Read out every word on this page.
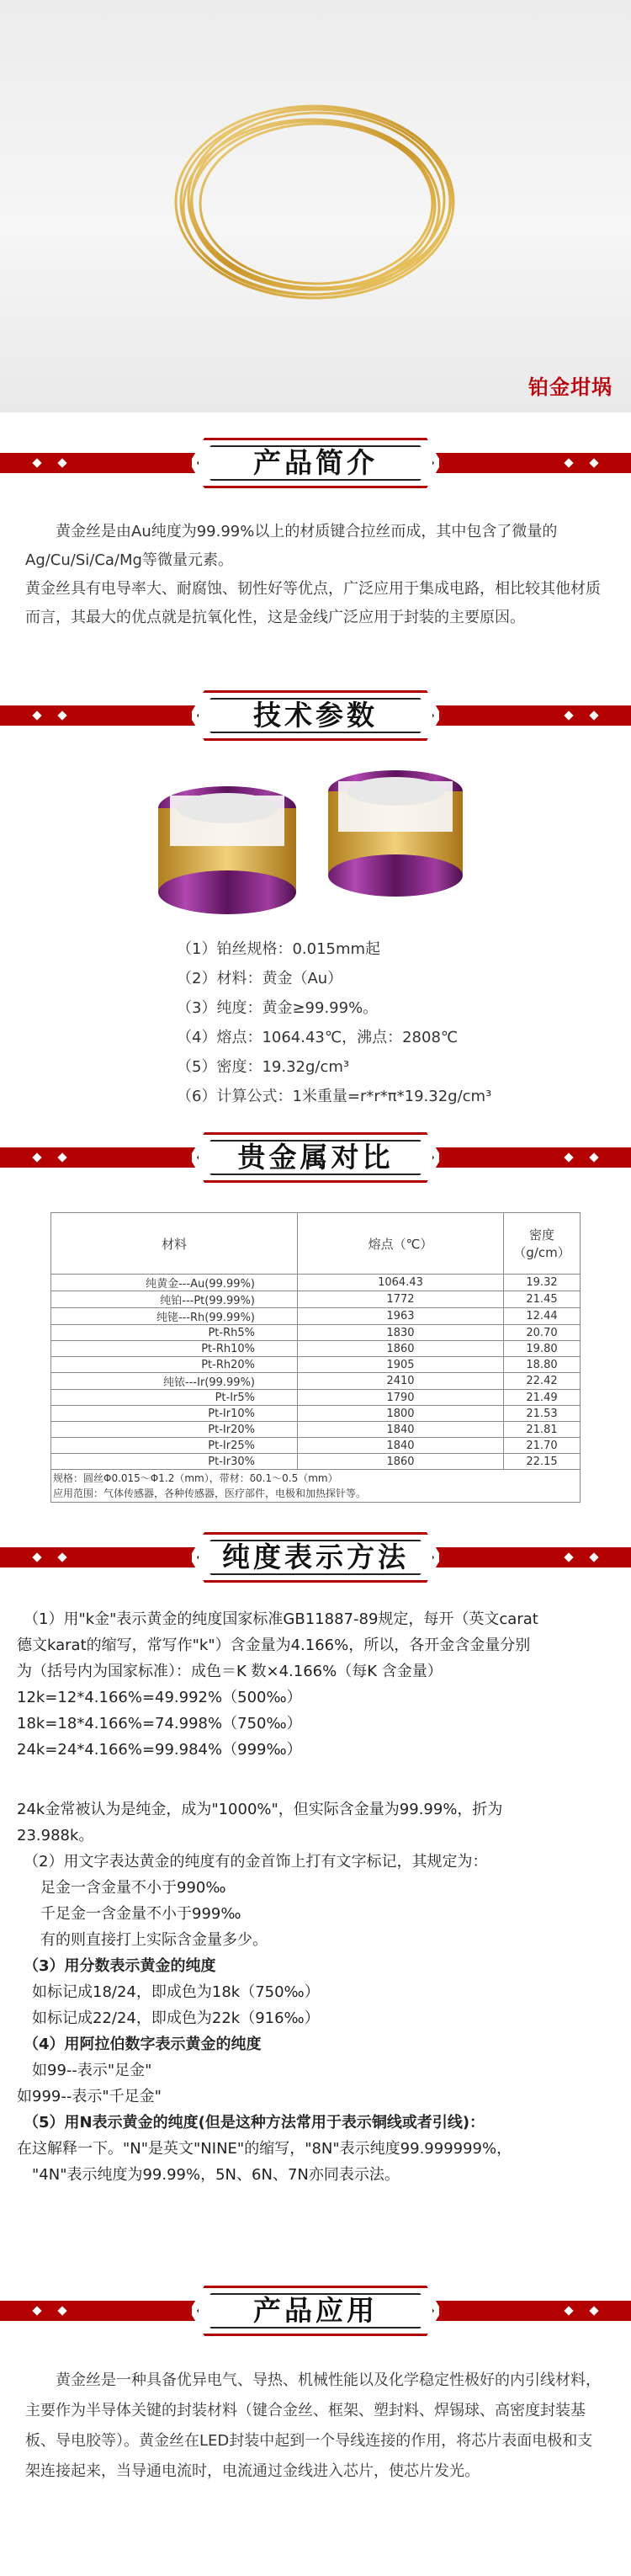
铂金坩埚
产品简介

黄金丝是由Au纯度为99.99%以上的材质键合拉丝而成，其中包含了微量的Ag/Cu/Si/Ca/Mg等微量元素。

黄金丝具有电导率大、耐腐蚀、韧性好等优点，广泛应用于集成电路，相比较其他材质而言，其最大的优点就是抗氧化性，这是金线广泛应用于封装的主要原因。

技术参数
（1）铂丝规格：0.015mm起
（2）材料：黄金（Au）
（3）纯度：黄金≥99.99%。
（4）熔点：1064.43℃，沸点：2808℃
（5）密度：19.32g/cm³
（6）计算公式：1米重量=r*r*π*19.32g/cm³
贵金属对比
材料	熔点（℃）	密度（g/cm）
纯黄金---Au(99.99%)	1064.43	19.32
纯铂---Pt(99.99%)	1772	21.45
纯铑---Rh(99.99%)	1963	12.44
Pt-Rh5%	1830	20.70
Pt-Rh10%	1860	19.80
Pt-Rh20%	1905	18.80
纯铱---Ir(99.99%)	2410	22.42
Pt-Ir5%	1790	21.49
Pt-Ir10%	1800	21.53
Pt-Ir20%	1840	21.81
Pt-Ir25%	1840	21.70
Pt-Ir30%	1860	22.15

规格：圆丝Φ0.015～Φ1.2（mm），带材：δ0.1～0.5（mm）
应用范围：气体传感器，各种传感器，医疗部件，电极和加热探针等。		
纯度表示方法
（1）用"k金"表示黄金的纯度国家标准GB11887-89规定，每开（英文carat
德文karat的缩写，常写作"k"）含金量为4.166%，所以，各开金含金量分别
为（括号内为国家标准）：成色＝K 数×4.166%（每K 含金量）
12k=12*4.166%=49.992%（500‰）
18k=18*4.166%=74.998%（750‰）
24k=24*4.166%=99.984%（999‰）
24k金常被认为是纯金，成为"1000%"，但实际含金量为99.99%，折为
23.988k。
（2）用文字表达黄金的纯度有的金首饰上打有文字标记，其规定为：
足金一含金量不小于990‰
千足金一含金量不小于999‰
有的则直接打上实际含金量多少。
（3）用分数表示黄金的纯度
如标记成18/24，即成色为18k（750‰）
如标记成22/24，即成色为22k（916‰）
（4）用阿拉伯数字表示黄金的纯度
如99--表示"足金"
如999--表示"千足金"
（5）用N表示黄金的纯度(但是这种方法常用于表示铜线或者引线)：
在这解释一下。"N"是英文"NINE"的缩写，"8N"表示纯度99.999999%，
"4N"表示纯度为99.99%，5N、6N、7N亦同表示法。
产品应用

黄金丝是一种具备优异电气、导热、机械性能以及化学稳定性极好的内引线材料，主要作为半导体关键的封装材料（键合金丝、框架、塑封料、焊锡球、高密度封装基板、导电胶等）。黄金丝在LED封装中起到一个导线连接的作用，将芯片表面电极和支架连接起来，当导通电流时，电流通过金线进入芯片，使芯片发光。
